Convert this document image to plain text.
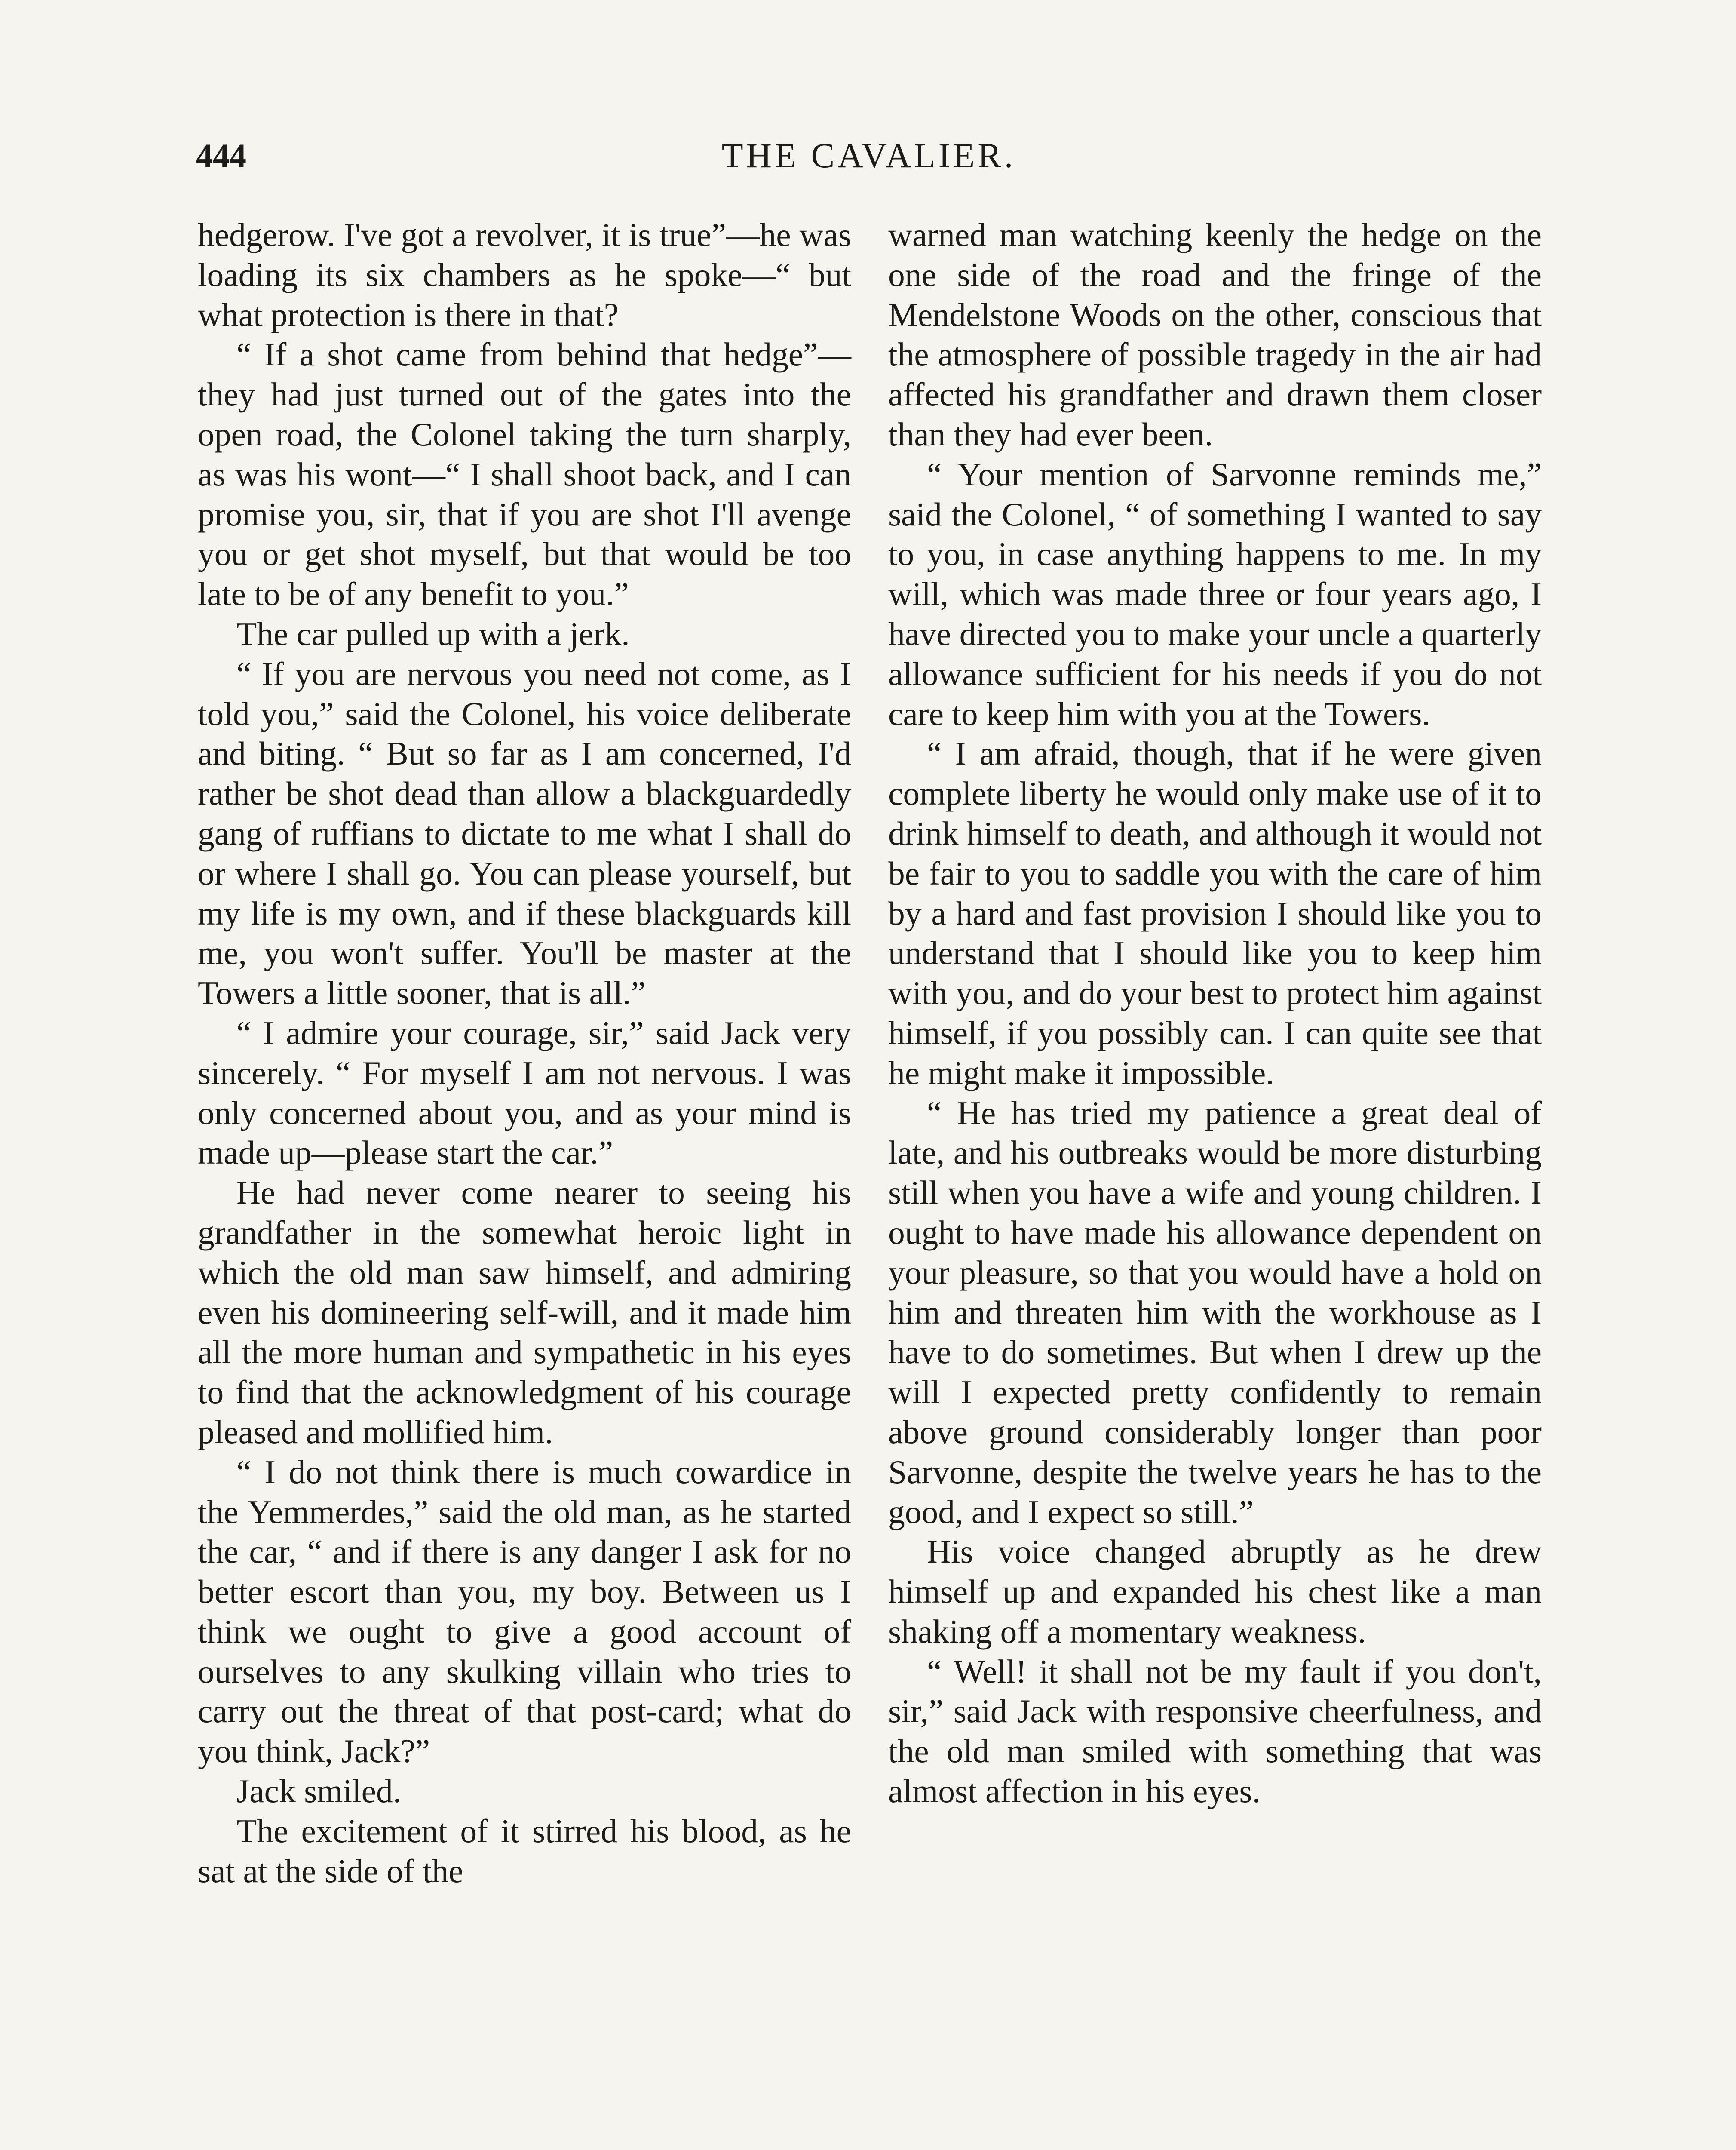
444	THE CAVALIER.

hedgerow. I've got a revolver, it is true”—he was loading its six chambers as he spoke—“ but what protection is there in that?

“ If a shot came from behind that hedge”—they had just turned out of the gates into the open road, the Colonel taking the turn sharply, as was his wont—“ I shall shoot back, and I can promise you, sir, that if you are shot I'll avenge you or get shot myself, but that would be too late to be of any benefit to you.”

The car pulled up with a jerk.

“ If you are nervous you need not come, as I told you,” said the Colonel, his voice deliberate and biting. “ But so far as I am concerned, I'd rather be shot dead than allow a blackguardedly gang of ruffians to dictate to me what I shall do or where I shall go. You can please yourself, but my life is my own, and if these blackguards kill me, you won't suffer. You'll be master at the Towers a little sooner, that is all.”

“ I admire your courage, sir,” said Jack very sincerely. “ For myself I am not nervous. I was only concerned about you, and as your mind is made up—please start the car.”

He had never come nearer to seeing his grandfather in the somewhat heroic light in which the old man saw himself, and admiring even his domineering self-will, and it made him all the more human and sympathetic in his eyes to find that the acknowledgment of his courage pleased and mollified him.

“ I do not think there is much cowardice in the Yemmerdes,” said the old man, as he started the car, “ and if there is any danger I ask for no better escort than you, my boy. Between us I think we ought to give a good account of ourselves to any skulking villain who tries to carry out the threat of that post-card; what do you think, Jack?”

Jack smiled.

The excitement of it stirred his blood, as he sat at the side of the

warned man watching keenly the hedge on the one side of the road and the fringe of the Mendelstone Woods on the other, conscious that the atmosphere of possible tragedy in the air had affected his grandfather and drawn them closer than they had ever been.

“ Your mention of Sarvonne reminds me,” said the Colonel, “ of something I wanted to say to you, in case anything happens to me. In my will, which was made three or four years ago, I have directed you to make your uncle a quarterly allowance sufficient for his needs if you do not care to keep him with you at the Towers.

“ I am afraid, though, that if he were given complete liberty he would only make use of it to drink himself to death, and although it would not be fair to you to saddle you with the care of him by a hard and fast provision I should like you to understand that I should like you to keep him with you, and do your best to protect him against himself, if you possibly can. I can quite see that he might make it impossible.

“ He has tried my patience a great deal of late, and his outbreaks would be more disturbing still when you have a wife and young children. I ought to have made his allowance dependent on your pleasure, so that you would have a hold on him and threaten him with the workhouse as I have to do sometimes. But when I drew up the will I expected pretty confidently to remain above ground considerably longer than poor Sarvonne, despite the twelve years he has to the good, and I expect so still.”

His voice changed abruptly as he drew himself up and expanded his chest like a man shaking off a momentary weakness.

“ Well! it shall not be my fault if you don't, sir,” said Jack with responsive cheerfulness, and the old man smiled with something that was almost affection in his eyes.
